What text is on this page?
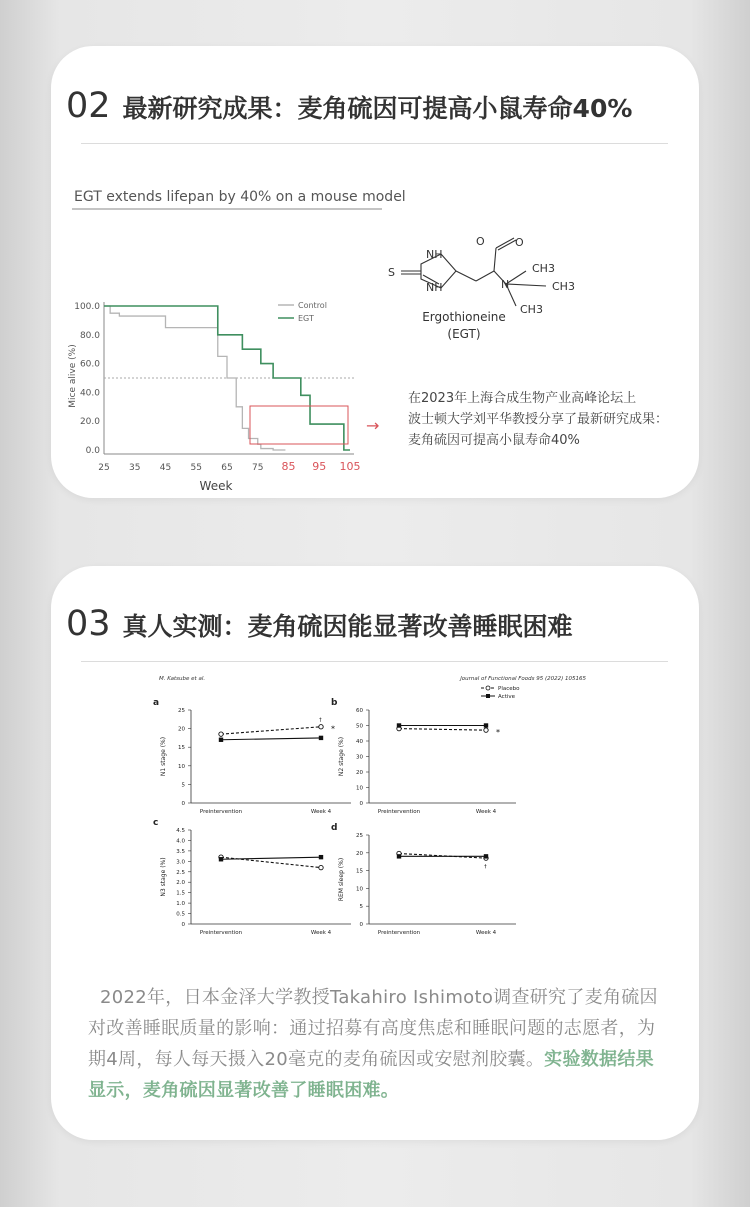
02 最新研究成果：麦角硫因可提高小鼠寿命40%
EGT extends lifepan by 40% on a mouse model
100.0
80.0
60.0
40.0
20.0
0.0
25 35 45 55 65 75 85 95 105
Week
Mice alive (%)
Control
EGT
→
NH
NH
S
O
O
N
CH3
CH3
CH3
Ergothioneine
(EGT)
在2023年上海合成生物产业高峰论坛上
波士顿大学刘平华教授分享了最新研究成果：
麦角硫因可提高小鼠寿命40%
03 真人实测：麦角硫因能显著改善睡眠困难
M. Katsube et al.	Journal of Functional Foods 95 (2022) 105165
a
0
5
10
15
20
25
Preintervention	Week 4
N1 stage (%)
*
†
b
0
10
20
30
40
50
60
Preintervention	Week 4
N2 stage (%)
*
Placebo
Active
c
0
0.5
1.0
1.5
2.0
2.5
3.0
3.5
4.0
4.5
Preintervention	Week 4
N3 stage (%)
d
0
5
10
15
20
25
Preintervention	Week 4
REM sleep (%)	†
2022年，日本金泽大学教授Takahiro Ishimoto调查研究了麦角硫因对改善睡眠质量的影响：通过招募有高度焦虑和睡眠问题的志愿者，为期4周，每人每天摄入20毫克的麦角硫因或安慰剂胶囊。实验数据结果显示，麦角硫因显著改善了睡眠困难。
